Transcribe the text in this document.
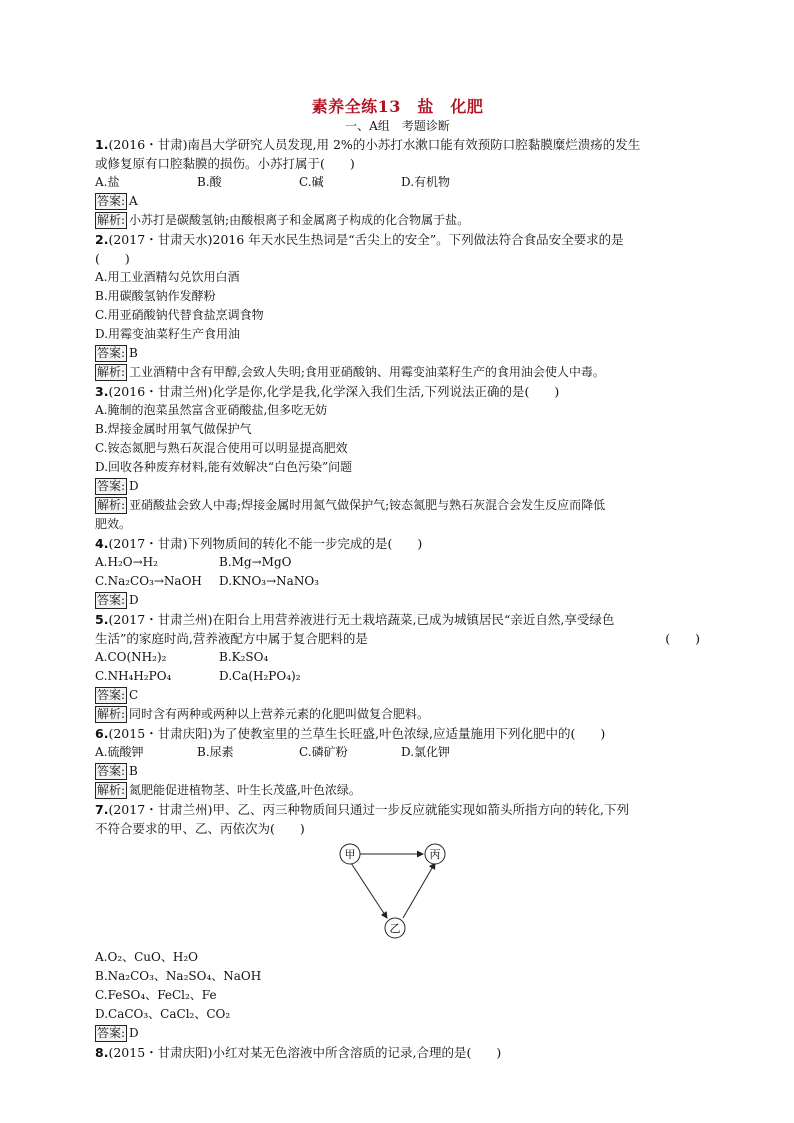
素养全练13　盐　化肥
一、A组　考题诊断
1.(2016・甘肃)南昌大学研究人员发现,用 2%的小苏打水漱口能有效预防口腔黏膜糜烂溃疡的发生
或修复原有口腔黏膜的损伤。小苏打属于(　　)
A.盐	B.酸	C.碱	D.有机物
答案: A
解析: 小苏打是碳酸氢钠;由酸根离子和金属离子构成的化合物属于盐。
2.(2017・甘肃天水)2016 年天水民生热词是“舌尖上的安全”。下列做法符合食品安全要求的是
(　　)
A.用工业酒精勾兑饮用白酒
B.用碳酸氢钠作发酵粉
C.用亚硝酸钠代替食盐烹调食物
D.用霉变油菜籽生产食用油
答案: B
解析: 工业酒精中含有甲醇,会致人失明;食用亚硝酸钠、用霉变油菜籽生产的食用油会使人中毒。
3.(2016・甘肃兰州)化学是你,化学是我,化学深入我们生活,下列说法正确的是(　　)
A.腌制的泡菜虽然富含亚硝酸盐,但多吃无妨
B.焊接金属时用氧气做保护气
C.铵态氮肥与熟石灰混合使用可以明显提高肥效
D.回收各种废弃材料,能有效解决“白色污染”问题
答案: D
解析: 亚硝酸盐会致人中毒;焊接金属时用氮气做保护气;铵态氮肥与熟石灰混合会发生反应而降低
肥效。
4.(2017・甘肃)下列物质间的转化不能一步完成的是(　　)
A.H₂O→H₂	B.Mg→MgO
C.Na₂CO₃→NaOH	D.KNO₃→NaNO₃
答案: D
5.(2017・甘肃兰州)在阳台上用营养液进行无土栽培蔬菜,已成为城镇居民“亲近自然,享受绿色
生活”的家庭时尚,营养液配方中属于复合肥料的是	(　　)
A.CO(NH₂)₂	B.K₂SO₄
C.NH₄H₂PO₄	D.Ca(H₂PO₄)₂
答案: C
解析: 同时含有两种或两种以上营养元素的化肥叫做复合肥料。
6.(2015・甘肃庆阳)为了使教室里的兰草生长旺盛,叶色浓绿,应适量施用下列化肥中的(　　)
A.硫酸钾	B.尿素	C.磷矿粉	D.氯化钾
答案: B
解析: 氮肥能促进植物茎、叶生长茂盛,叶色浓绿。
7.(2017・甘肃兰州)甲、乙、丙三种物质间只通过一步反应就能实现如箭头所指方向的转化,下列
不符合要求的甲、乙、丙依次为(　　)
甲	丙
乙
A.O₂、CuO、H₂O
B.Na₂CO₃、Na₂SO₄、NaOH
C.FeSO₄、FeCl₂、Fe
D.CaCO₃、CaCl₂、CO₂
答案: D
8.(2015・甘肃庆阳)小红对某无色溶液中所含溶质的记录,合理的是(　　)
